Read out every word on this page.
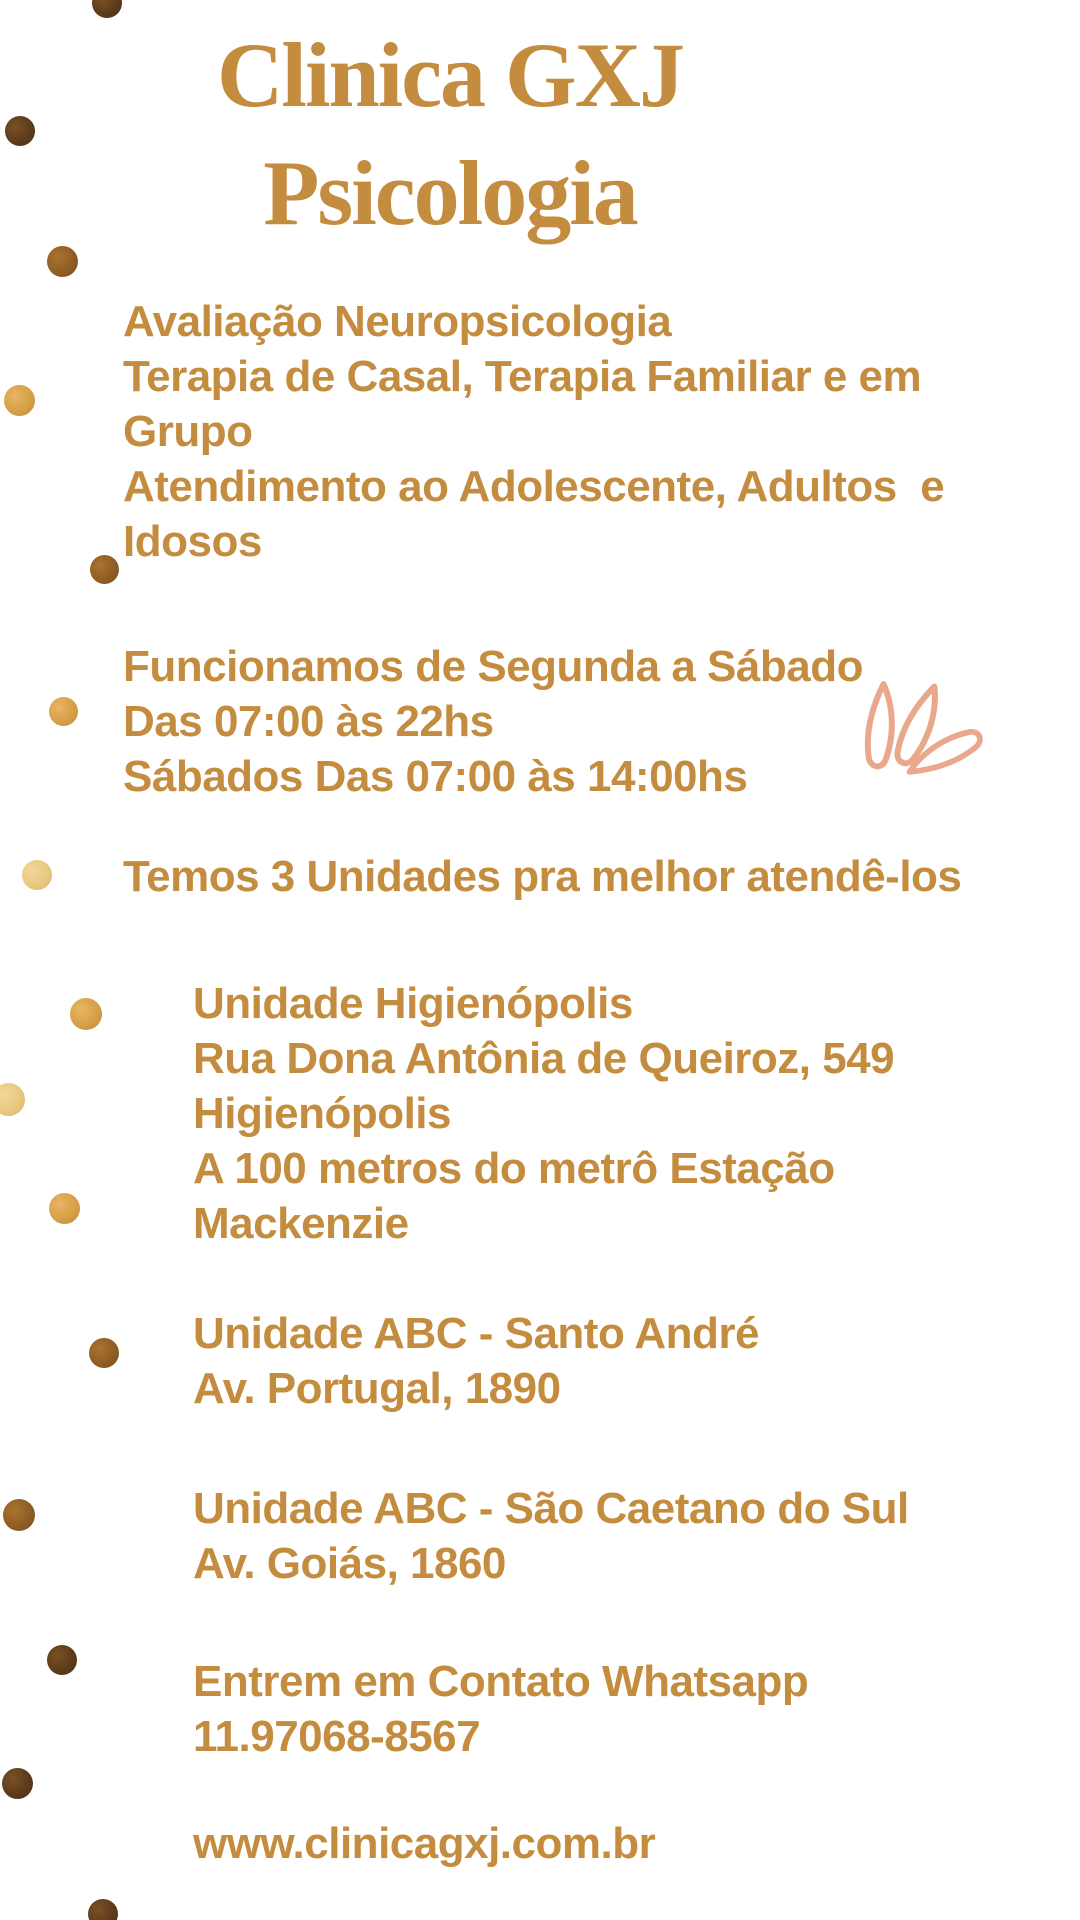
Clinica GXJ
Psicologia
Avaliação Neuropsicologia
Terapia de Casal, Terapia Familiar e em
Grupo
Atendimento ao Adolescente, Adultos  e
Idosos
Funcionamos de Segunda a Sábado
Das 07:00 às 22hs
Sábados Das 07:00 às 14:00hs
Temos 3 Unidades pra melhor atendê-los
Unidade Higienópolis
Rua Dona Antônia de Queiroz, 549
Higienópolis
A 100 metros do metrô Estação
Mackenzie
Unidade ABC - Santo André
Av. Portugal, 1890
Unidade ABC - São Caetano do Sul
Av. Goiás, 1860
Entrem em Contato Whatsapp
11.97068-8567
www.clinicagxj.com.br
